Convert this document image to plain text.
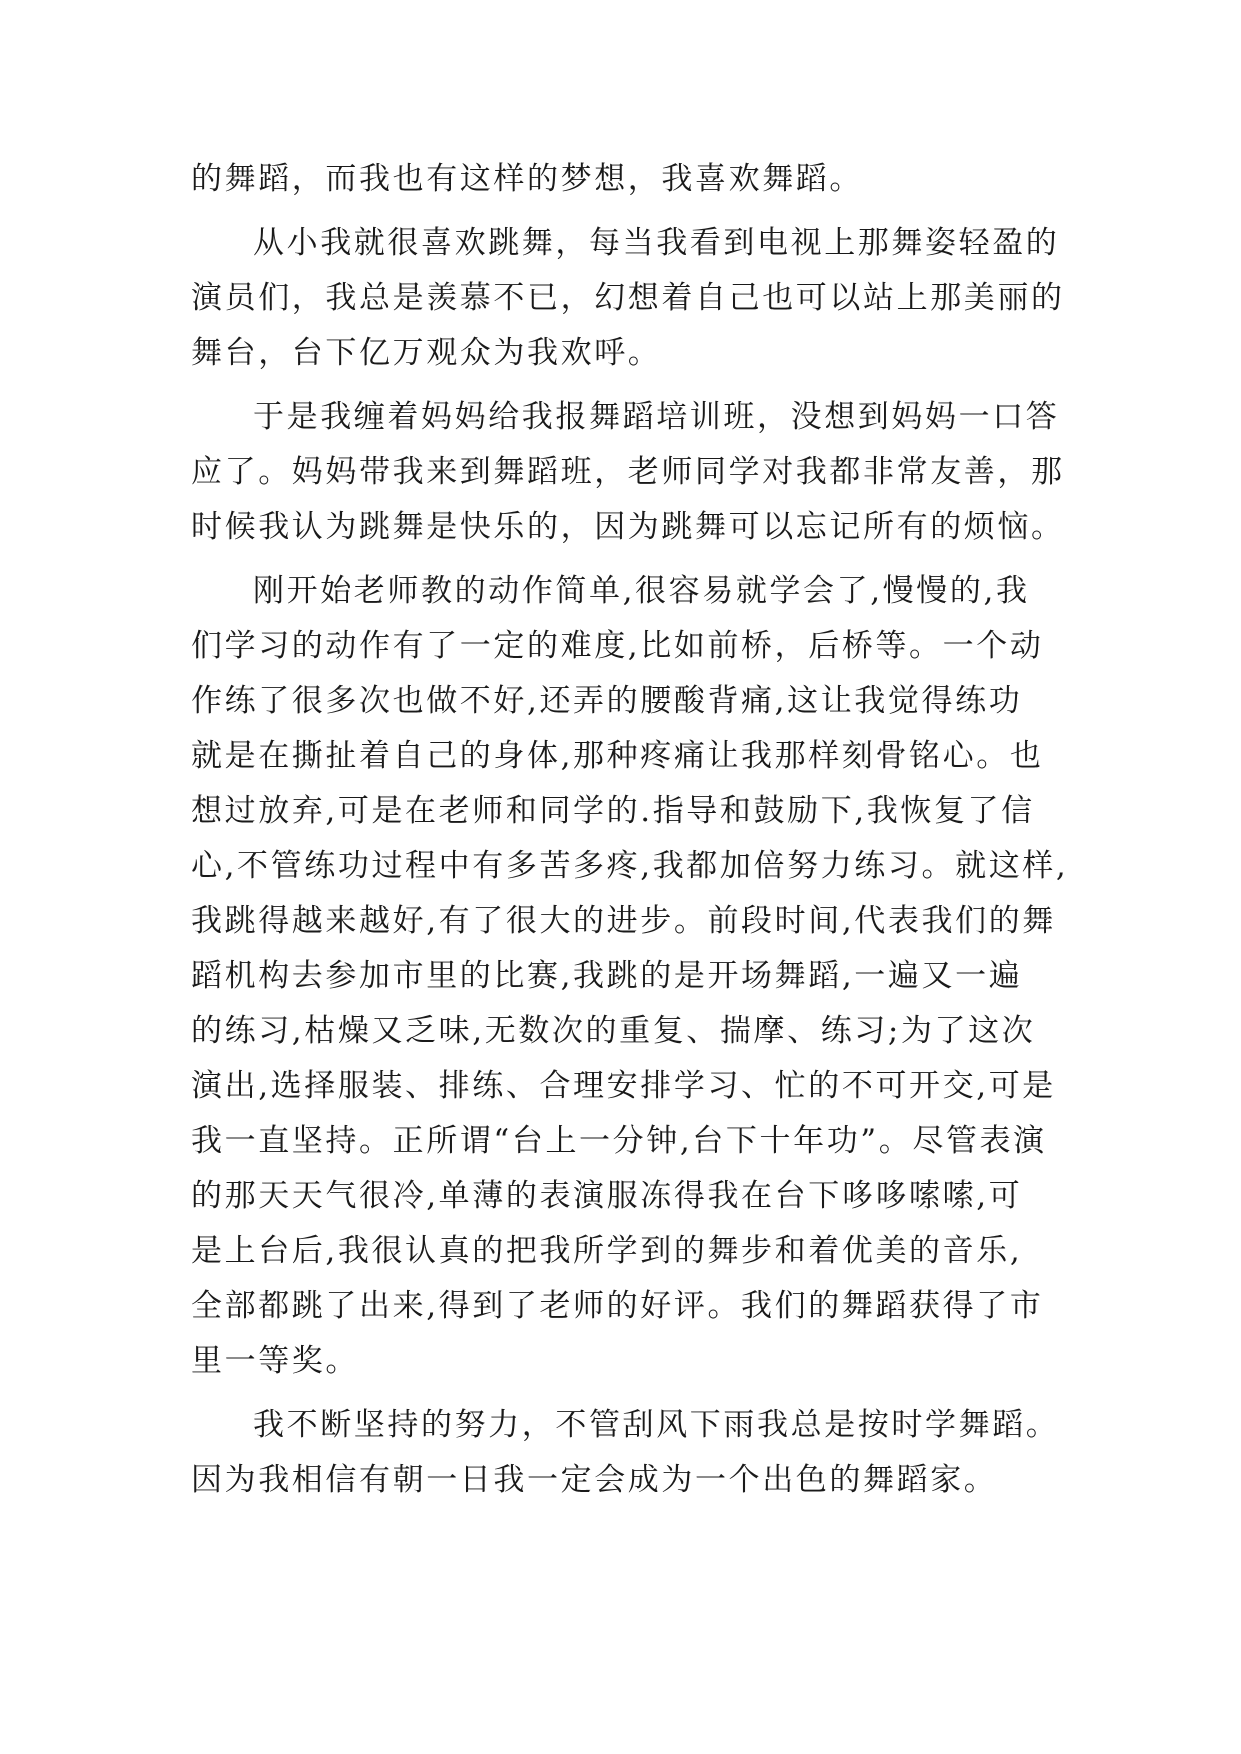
的舞蹈，而我也有这样的梦想，我喜欢舞蹈。
从小我就很喜欢跳舞，每当我看到电视上那舞姿轻盈的
演员们，我总是羡慕不已，幻想着自己也可以站上那美丽的
舞台，台下亿万观众为我欢呼。
于是我缠着妈妈给我报舞蹈培训班，没想到妈妈一口答
应了。妈妈带我来到舞蹈班，老师同学对我都非常友善，那
时候我认为跳舞是快乐的，因为跳舞可以忘记所有的烦恼。
刚开始老师教的动作简单,很容易就学会了,慢慢的,我
们学习的动作有了一定的难度,比如前桥，后桥等。一个动
作练了很多次也做不好,还弄的腰酸背痛,这让我觉得练功
就是在撕扯着自己的身体,那种疼痛让我那样刻骨铭心。也
想过放弃,可是在老师和同学的.指导和鼓励下,我恢复了信
心,不管练功过程中有多苦多疼,我都加倍努力练习。就这样,
我跳得越来越好,有了很大的进步。前段时间,代表我们的舞
蹈机构去参加市里的比赛,我跳的是开场舞蹈,一遍又一遍
的练习,枯燥又乏味,无数次的重复、揣摩、练习;为了这次
演出,选择服装、排练、合理安排学习、忙的不可开交,可是
我一直坚持。正所谓“台上一分钟,台下十年功”。尽管表演
的那天天气很冷,单薄的表演服冻得我在台下哆哆嗦嗦,可
是上台后,我很认真的把我所学到的舞步和着优美的音乐,
全部都跳了出来,得到了老师的好评。我们的舞蹈获得了市
里一等奖。
我不断坚持的努力，不管刮风下雨我总是按时学舞蹈。
因为我相信有朝一日我一定会成为一个出色的舞蹈家。
